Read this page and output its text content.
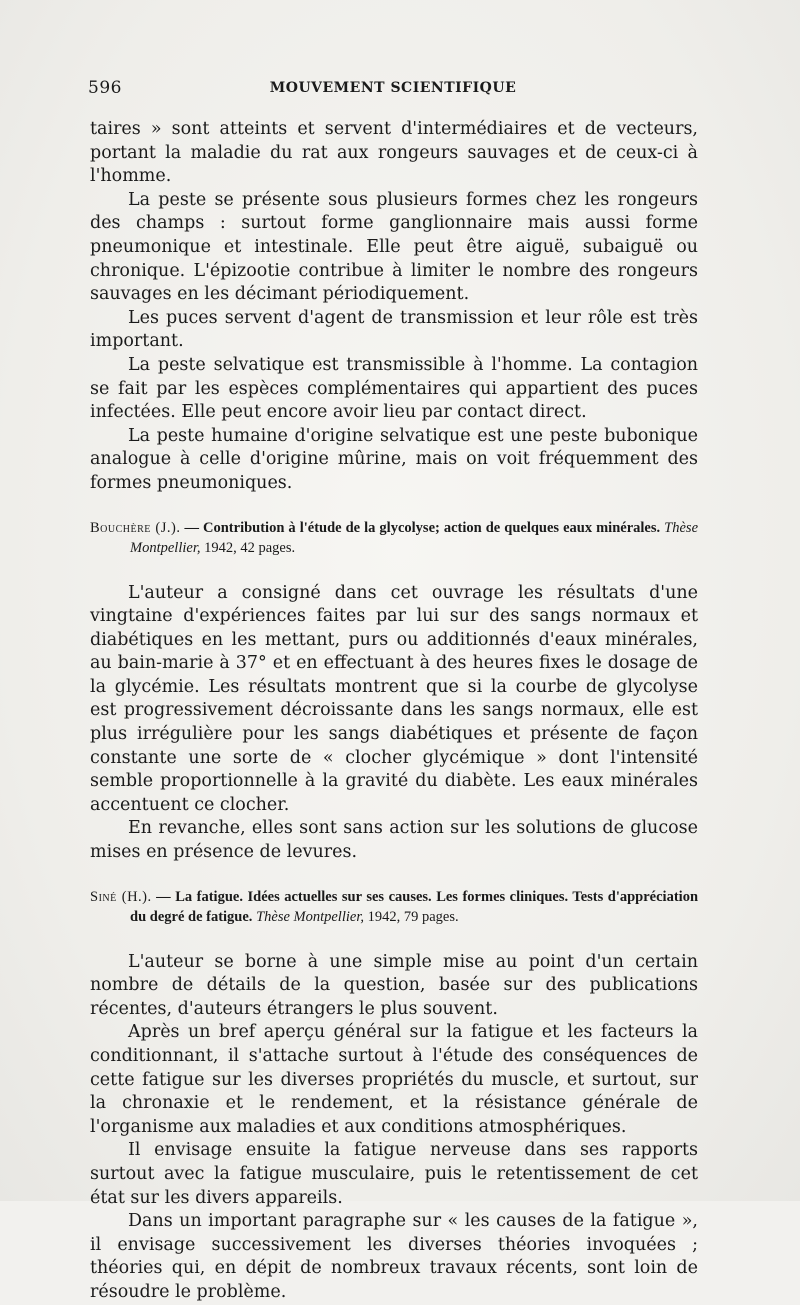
596	MOUVEMENT SCIENTIFIQUE

taires » sont atteints et servent d'intermédiaires et de vecteurs, portant la maladie du rat aux rongeurs sauvages et de ceux-ci à l'homme.

La peste se présente sous plusieurs formes chez les rongeurs des champs : surtout forme ganglionnaire mais aussi forme pneumonique et intestinale. Elle peut être aiguë, subaiguë ou chronique. L'épizootie contribue à limiter le nombre des rongeurs sauvages en les décimant périodiquement.

Les puces servent d'agent de transmission et leur rôle est très important.

La peste selvatique est transmissible à l'homme. La contagion se fait par les espèces complémentaires qui appartient des puces infectées. Elle peut encore avoir lieu par contact direct.

La peste humaine d'origine selvatique est une peste bubonique analogue à celle d'origine mûrine, mais on voit fréquemment des formes pneumoniques.

Bouchère (J.). — Contribution à l'étude de la glycolyse; action de quelques eaux minérales. Thèse Montpellier, 1942, 42 pages.

L'auteur a consigné dans cet ouvrage les résultats d'une vingtaine d'expériences faites par lui sur des sangs normaux et diabétiques en les mettant, purs ou additionnés d'eaux minérales, au bain-marie à 37° et en effectuant à des heures fixes le dosage de la glycémie. Les résultats montrent que si la courbe de glycolyse est progressivement décroissante dans les sangs normaux, elle est plus irrégulière pour les sangs diabétiques et présente de façon constante une sorte de « clocher glycémique » dont l'intensité semble proportionnelle à la gravité du diabète. Les eaux minérales accentuent ce clocher.

En revanche, elles sont sans action sur les solutions de glucose mises en présence de levures.

Siné (H.). — La fatigue. Idées actuelles sur ses causes. Les formes cliniques. Tests d'appréciation du degré de fatigue. Thèse Montpellier, 1942, 79 pages.

L'auteur se borne à une simple mise au point d'un certain nombre de détails de la question, basée sur des publications récentes, d'auteurs étrangers le plus souvent.

Après un bref aperçu général sur la fatigue et les facteurs la conditionnant, il s'attache surtout à l'étude des conséquences de cette fatigue sur les diverses propriétés du muscle, et surtout, sur la chronaxie et le rendement, et la résistance générale de l'organisme aux maladies et aux conditions atmosphériques.

Il envisage ensuite la fatigue nerveuse dans ses rapports surtout avec la fatigue musculaire, puis le retentissement de cet état sur les divers appareils.

Dans un important paragraphe sur « les causes de la fatigue », il envisage successivement les diverses théories invoquées ; théories qui, en dépit de nombreux travaux récents, sont loin de résoudre le problème.
